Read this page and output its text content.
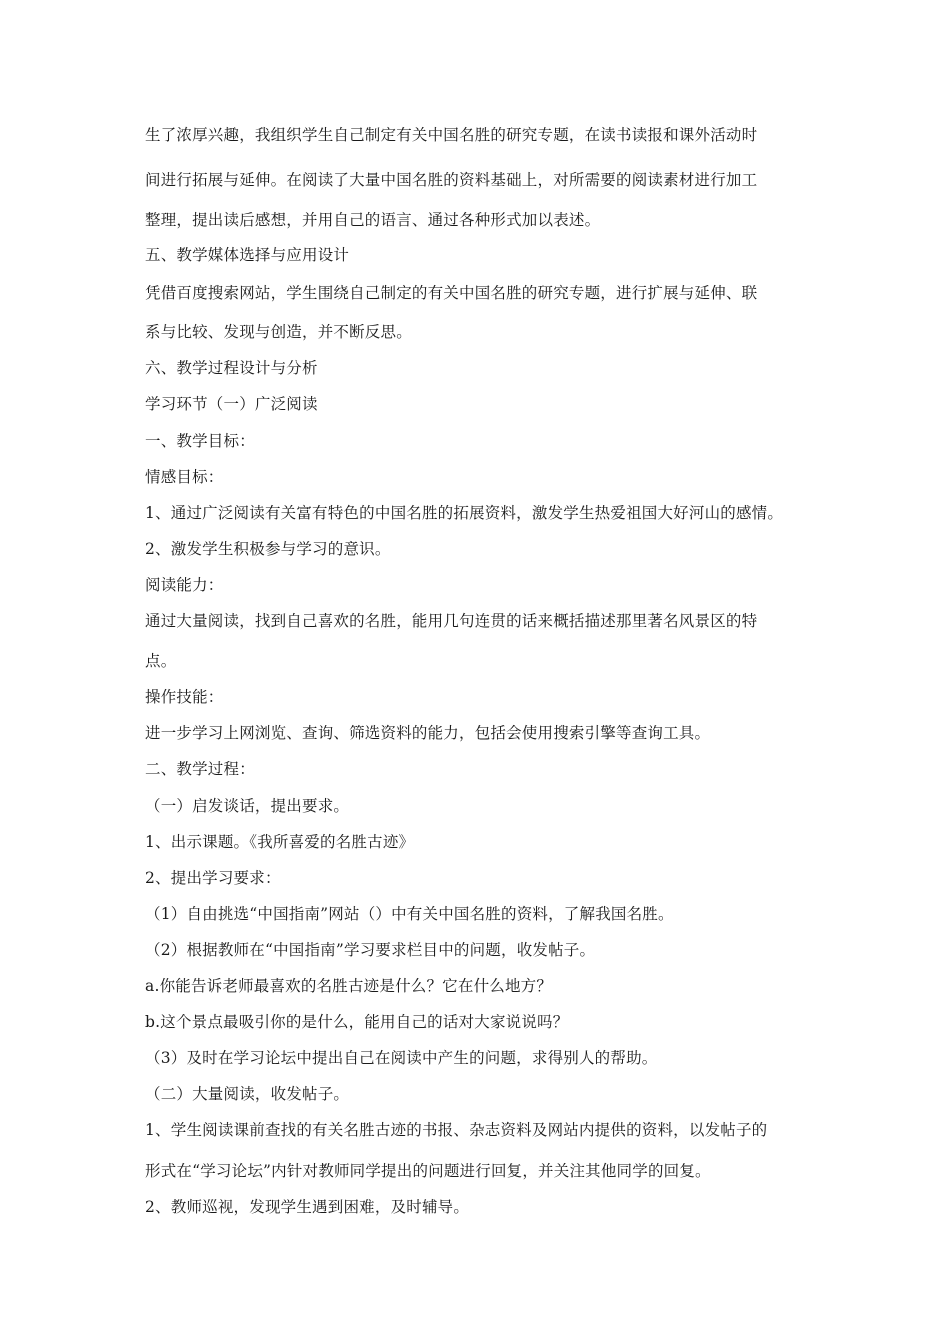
生了浓厚兴趣，我组织学生自己制定有关中国名胜的研究专题，在读书读报和课外活动时
间进行拓展与延伸。在阅读了大量中国名胜的资料基础上，对所需要的阅读素材进行加工
整理，提出读后感想，并用自己的语言、通过各种形式加以表述。
五、教学媒体选择与应用设计
凭借百度搜索网站，学生围绕自己制定的有关中国名胜的研究专题，进行扩展与延伸、联
系与比较、发现与创造，并不断反思。
六、教学过程设计与分析
学习环节（一）广泛阅读
一、教学目标：
情感目标：
1、通过广泛阅读有关富有特色的中国名胜的拓展资料，激发学生热爱祖国大好河山的感情。
2、激发学生积极参与学习的意识。
阅读能力：
通过大量阅读，找到自己喜欢的名胜，能用几句连贯的话来概括描述那里著名风景区的特
点。
操作技能：
进一步学习上网浏览、查询、筛选资料的能力，包括会使用搜索引擎等查询工具。
二、教学过程：
（一）启发谈话，提出要求。
1、出示课题。《我所喜爱的名胜古迹》
2、提出学习要求：
（1）自由挑选“中国指南”网站（）中有关中国名胜的资料，了解我国名胜。
（2）根据教师在“中国指南”学习要求栏目中的问题，收发帖子。
a.你能告诉老师最喜欢的名胜古迹是什么？它在什么地方？
b.这个景点最吸引你的是什么，能用自己的话对大家说说吗？
（3）及时在学习论坛中提出自己在阅读中产生的问题，求得别人的帮助。
（二）大量阅读，收发帖子。
1、学生阅读课前查找的有关名胜古迹的书报、杂志资料及网站内提供的资料，以发帖子的
形式在“学习论坛”内针对教师同学提出的问题进行回复，并关注其他同学的回复。
2、教师巡视，发现学生遇到困难，及时辅导。
